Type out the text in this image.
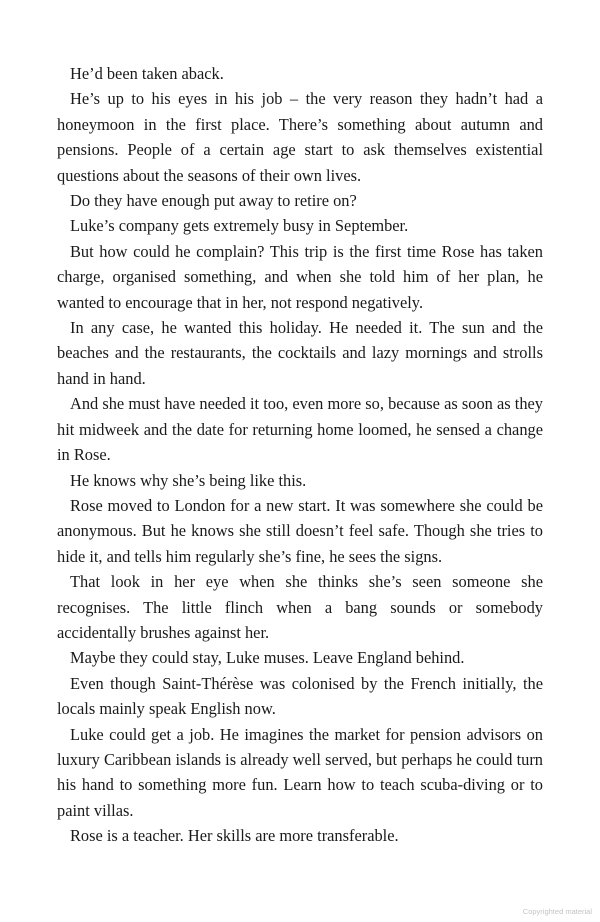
He’d been taken aback.

He’s up to his eyes in his job – the very reason they hadn’t had a honeymoon in the first place. There’s something about autumn and pensions. People of a certain age start to ask themselves existential questions about the seasons of their own lives.

Do they have enough put away to retire on?

Luke’s company gets extremely busy in September.

But how could he complain? This trip is the first time Rose has taken charge, organised something, and when she told him of her plan, he wanted to encourage that in her, not respond negatively.

In any case, he wanted this holiday. He needed it. The sun and the beaches and the restaurants, the cocktails and lazy mornings and strolls hand in hand.

And she must have needed it too, even more so, because as soon as they hit midweek and the date for returning home loomed, he sensed a change in Rose.

He knows why she’s being like this.

Rose moved to London for a new start. It was somewhere she could be anonymous. But he knows she still doesn’t feel safe. Though she tries to hide it, and tells him regularly she’s fine, he sees the signs.

That look in her eye when she thinks she’s seen someone she recognises. The little flinch when a bang sounds or somebody accidentally brushes against her.

Maybe they could stay, Luke muses. Leave England behind.

Even though Saint-Thérèse was colonised by the French initially, the locals mainly speak English now.

Luke could get a job. He imagines the market for pension advisors on luxury Caribbean islands is already well served, but perhaps he could turn his hand to something more fun. Learn how to teach scuba-diving or to paint villas.

Rose is a teacher. Her skills are more transferable.

Copyrighted material
